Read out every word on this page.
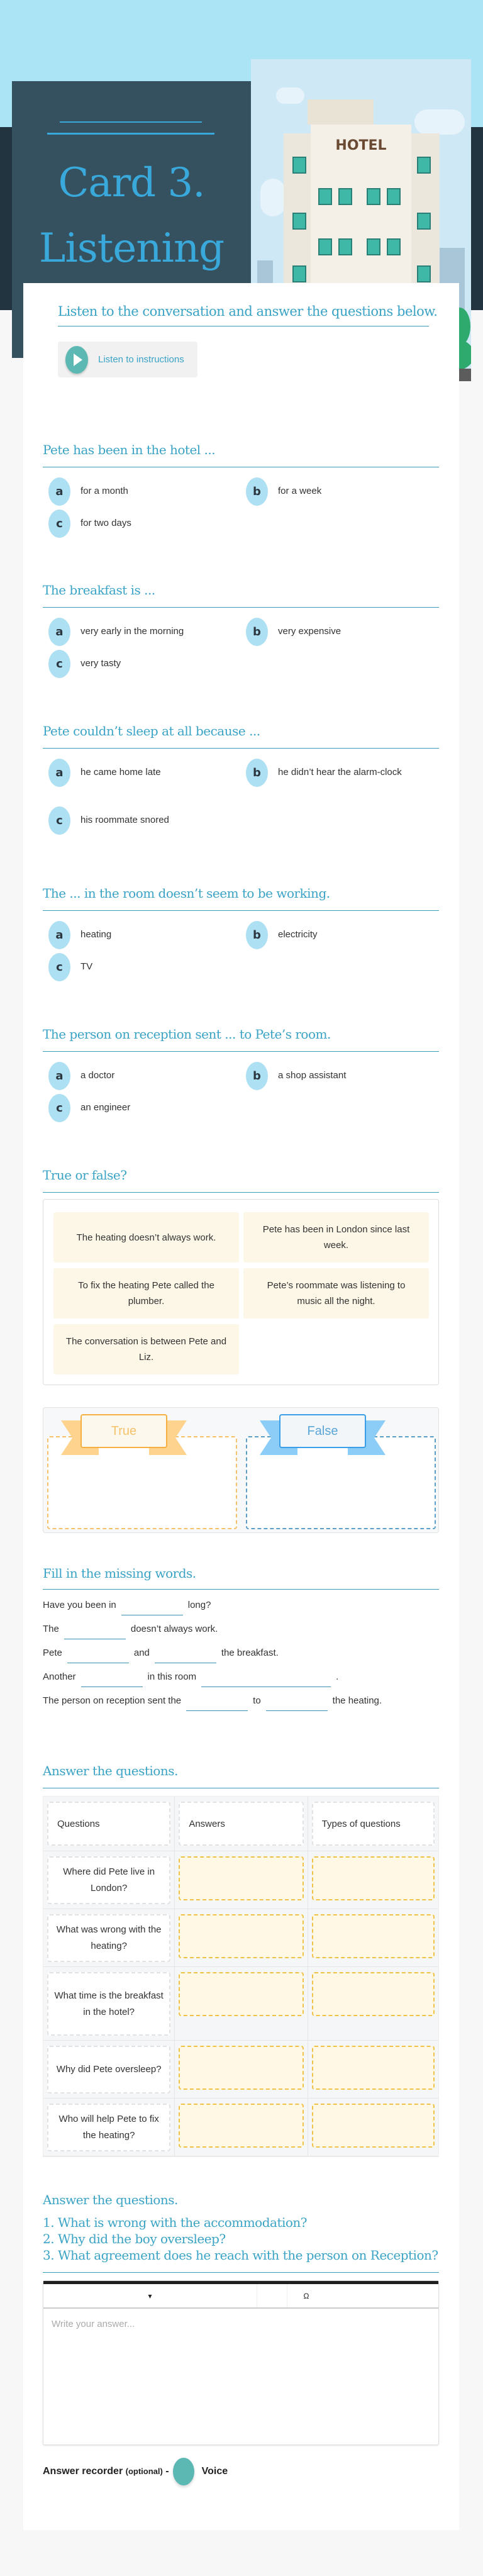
Card 3.
Listening
HOTEL
Listen to the conversation and answer the questions below.
Listen to instructions
Pete has been in the hotel ...
a	for a month	b	for a week
c	for two days
The breakfast is ...
a	very early in the morning	b	very expensive
c	very tasty
Pete couldn’t sleep at all because ...
a	he came home late	b	he didn’t hear the alarm-clock
c	his roommate snored
The ... in the room doesn’t seem to be working.
a	heating	b	electricity
c	TV
The person on reception sent ... to Pete’s room.
a	a doctor	b	a shop assistant
c	an engineer
True or false?
The heating doesn’t always work.
Pete has been in London since last week.
To fix the heating Pete called the plumber.
Pete’s roommate was listening to music all the night.
The conversation is between Pete and Liz.
True	False
Fill in the missing words.
Have you been in	long?
The	doesn’t always work.
Pete	and	the breakfast.
Another	in this room	.
The person on reception sent the	to	the heating.
Answer the questions.
Questions	Answers	Types of questions
Where did Pete live in London?
What was wrong with the heating?
What time is the breakfast in the hotel?
Why did Pete oversleep?
Who will help Pete to fix the heating?
Answer the questions.
1. What is wrong with the accommodation?
2. Why did the boy oversleep?
3. What agreement does he reach with the person on Reception?
▾	Ω
Write your answer...
Answer recorder (optional) -	Voice
